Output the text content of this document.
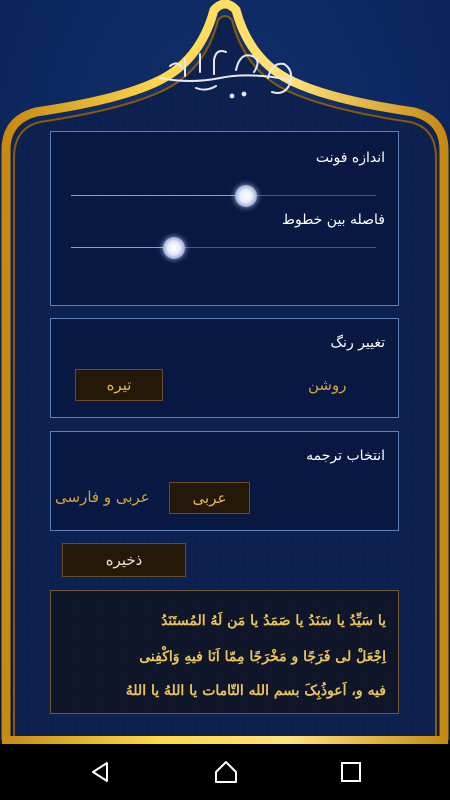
اندازه فونت
فاصله بین خطوط
تغییر رنگ
روشن
تیره
انتخاب ترجمه
عربی و فارسی	عربی
ذخیره
يا سَيِّدُ يا سَنَدُ يا صَمَدُ يا مَن لَهُ المُستَنَدُ
اِجْعَلْ لى فَرَجًا و مَخْرَجًا مِمّا اَنَا فيهِ وَاكْفِنى
فيه و، اَعوذُبِکَ بسم الله التّامات يا اللهُ يا اللهُ
